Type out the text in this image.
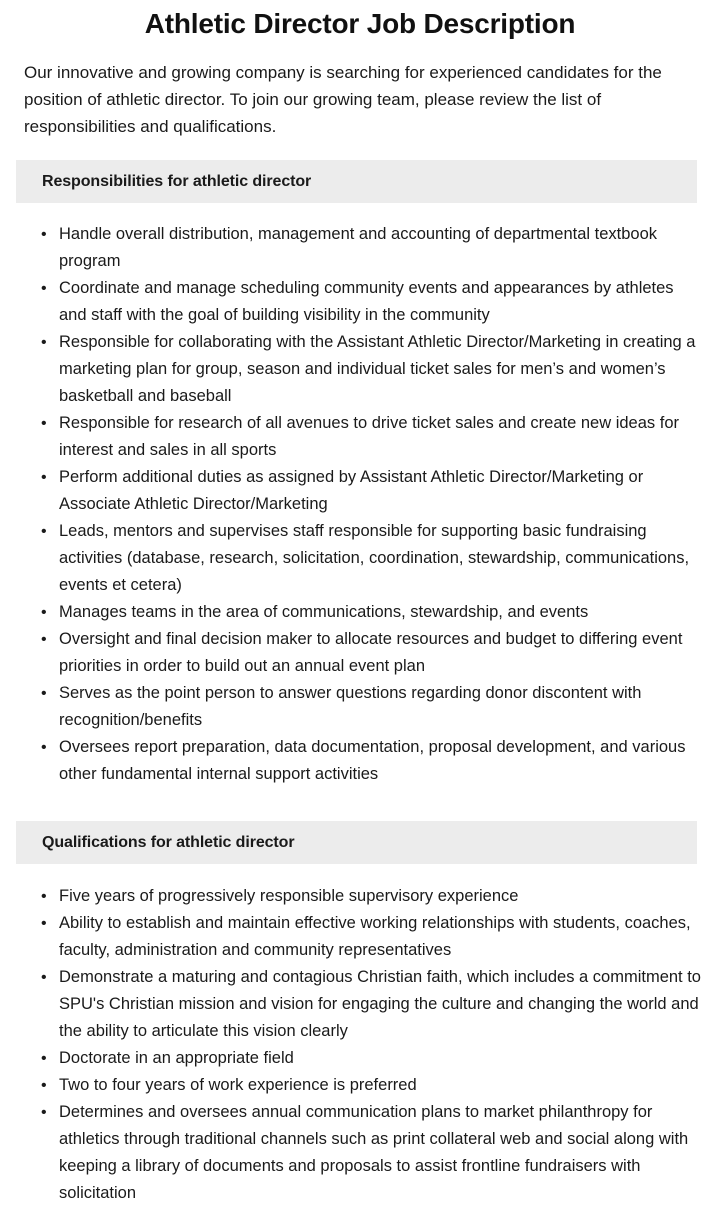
Athletic Director Job Description

Our innovative and growing company is searching for experienced candidates for the position of athletic director. To join our growing team, please review the list of responsibilities and qualifications.

Responsibilities for athletic director
• Handle overall distribution, management and accounting of departmental textbook program
• Coordinate and manage scheduling community events and appearances by athletes and staff with the goal of building visibility in the community
• Responsible for collaborating with the Assistant Athletic Director/Marketing in creating a marketing plan for group, season and individual ticket sales for men’s and women’s basketball and baseball
• Responsible for research of all avenues to drive ticket sales and create new ideas for interest and sales in all sports
• Perform additional duties as assigned by Assistant Athletic Director/Marketing or Associate Athletic Director/Marketing
• Leads, mentors and supervises staff responsible for supporting basic fundraising activities (database, research, solicitation, coordination, stewardship, communications, events et cetera)
• Manages teams in the area of communications, stewardship, and events
• Oversight and final decision maker to allocate resources and budget to differing event priorities in order to build out an annual event plan
• Serves as the point person to answer questions regarding donor discontent with recognition/benefits
• Oversees report preparation, data documentation, proposal development, and various other fundamental internal support activities
Qualifications for athletic director
• Five years of progressively responsible supervisory experience
• Ability to establish and maintain effective working relationships with students, coaches, faculty, administration and community representatives
• Demonstrate a maturing and contagious Christian faith, which includes a commitment to SPU's Christian mission and vision for engaging the culture and changing the world and the ability to articulate this vision clearly
• Doctorate in an appropriate field
• Two to four years of work experience is preferred
• Determines and oversees annual communication plans to market philanthropy for athletics through traditional channels such as print collateral web and social along with keeping a library of documents and proposals to assist frontline fundraisers with solicitation
